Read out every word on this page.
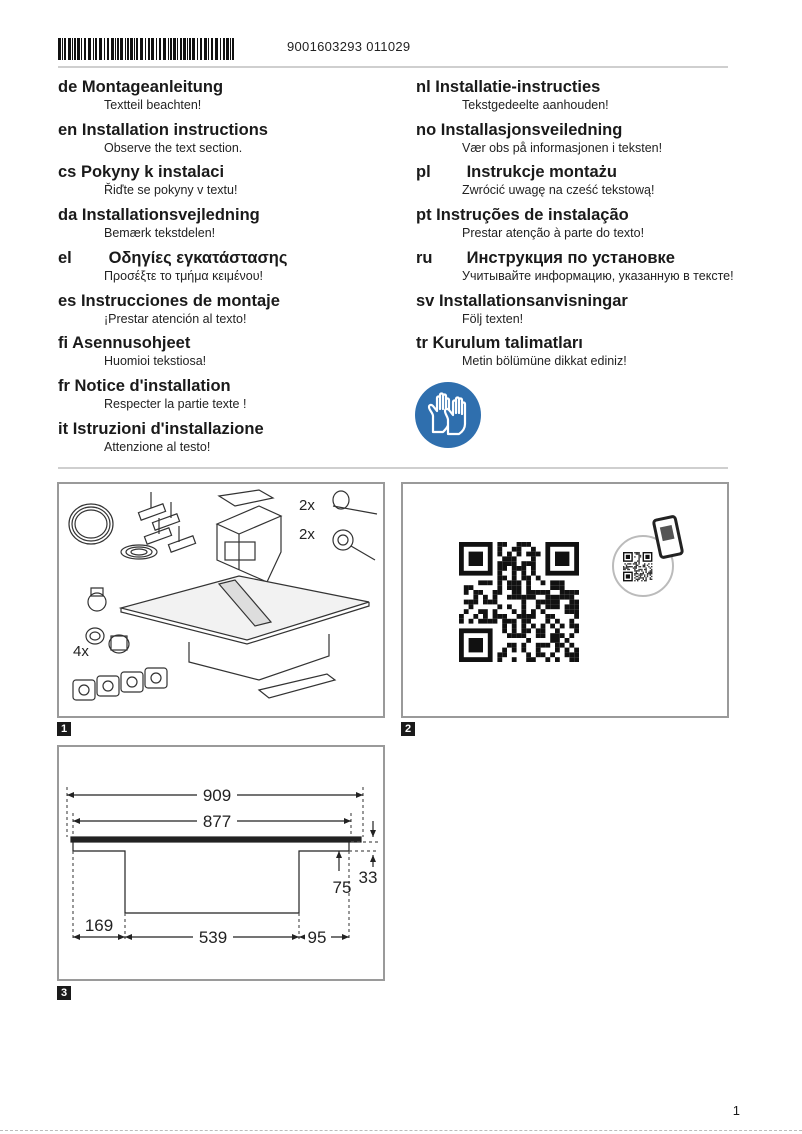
9001603293 011029
de Montageanleitung
Textteil beachten!
en Installation instructions
Observe the text section.
cs Pokyny k instalaci
Řiďte se pokyny v textu!
da Installationsvejledning
Bemærk tekstdelen!
el Οδηγίες εγκατάστασης
Προσέξτε το τμήμα κειμένου!
es Instrucciones de montaje
¡Prestar atención al texto!
fi Asennusohjeet
Huomioi tekstiosa!
fr Notice d'installation
Respecter la partie texte !
it Istruzioni d'installazione
Attenzione al testo!
nl Installatie-instructies
Tekstgedeelte aanhouden!
no Installasjonsveiledning
Vær obs på informasjonen i teksten!
pl Instrukcje montażu
Zwrócić uwagę na cześć tekstową!
pt Instruções de instalação
Prestar atenção à parte do texto!
ru Инструкция по установке
Учитывайте информацию, указанную в тексте!
sv Installationsanvisningar
Följ texten!
tr Kurulum talimatları
Metin bölümüne dikkat ediniz!
2x
2x
4x
1	2
909
877
169
539	95
75
33
3
1
